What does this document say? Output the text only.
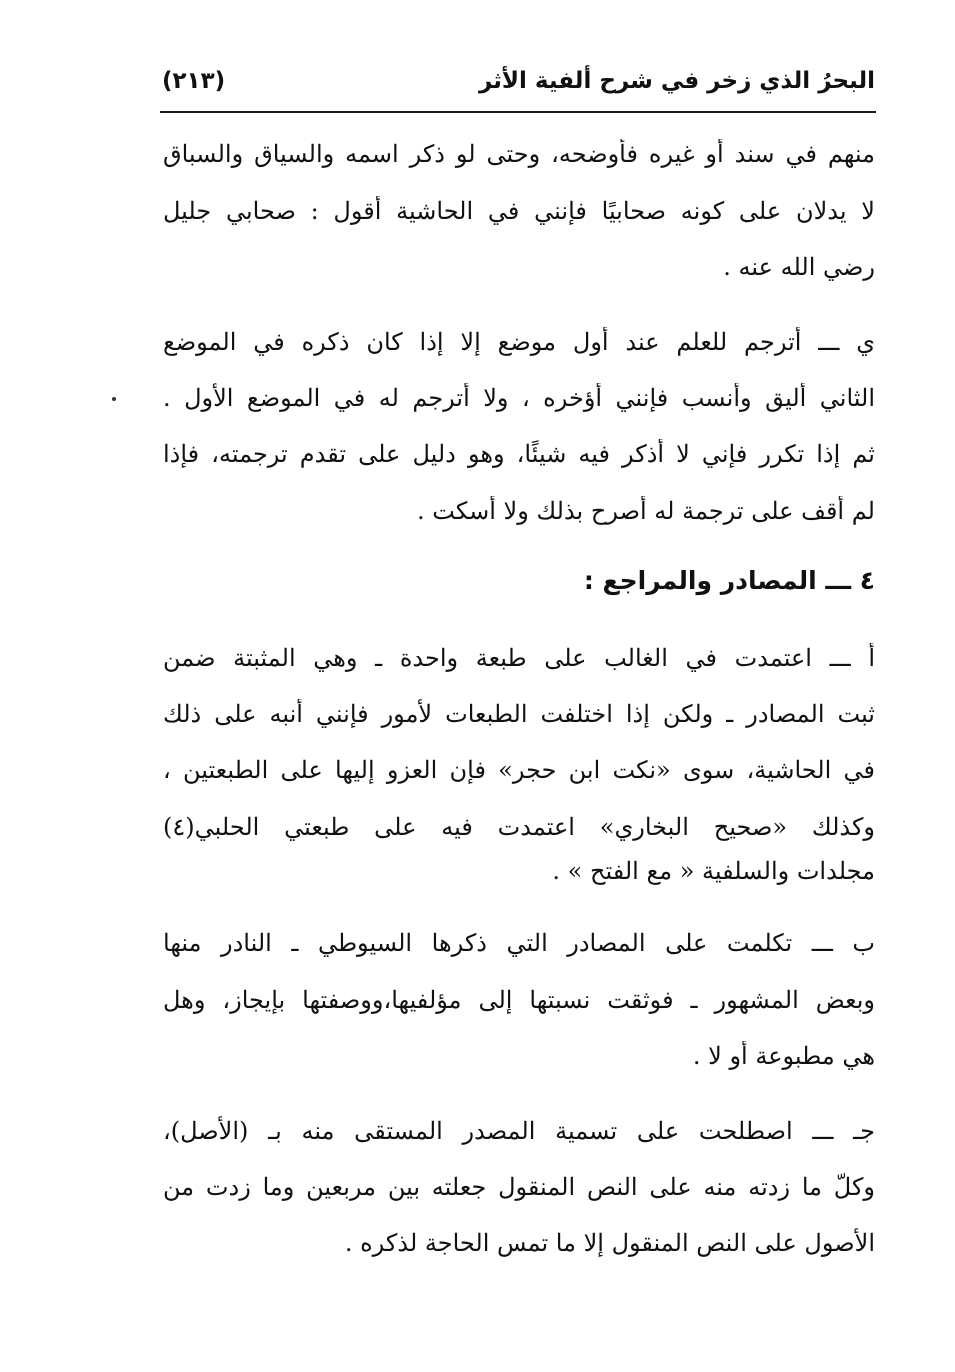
البحرُ الذي زخر في شرح ألفية الأثر
(٢١٣)
منهم في سند أو غيره فأوضحه، وحتى لو ذكر اسمه والسياق والسباق
لا يدلان على كونه صحابيًا فإنني في الحاشية أقول : صحابي جليل
رضي الله عنه .
ي ـــ أترجم للعلم عند أول موضع إلا إذا كان ذكره في الموضع
الثاني أليق وأنسب فإنني أؤخره ، ولا أترجم له في الموضع الأول .
ثم إذا تكرر فإني لا أذكر فيه شيئًا، وهو دليل على تقدم ترجمته، فإذا
لم أقف على ترجمة له أصرح بذلك ولا أسكت .
٤ ـــ المصادر والمراجع :
أ ـــ اعتمدت في الغالب على طبعة واحدة ـ وهي المثبتة ضمن
ثبت المصادر ـ ولكن إذا اختلفت الطبعات لأمور فإنني أنبه على ذلك
في الحاشية، سوى «نكت ابن حجر» فإن العزو إليها على الطبعتين ،
وكذلك «صحيح البخاري» اعتمدت فيه على طبعتي الحلبي(٤)
مجلدات والسلفية « مع الفتح » .
ب ـــ تكلمت على المصادر التي ذكرها السيوطي ـ النادر منها
وبعض المشهور ـ فوثقت نسبتها إلى مؤلفيها،ووصفتها بإيجاز، وهل
هي مطبوعة أو لا .
جـ ـــ اصطلحت على تسمية المصدر المستقى منه بـ (الأصل)،
وكلّ ما زدته منه على النص المنقول جعلته بين مربعين وما زدت من
الأصول على النص المنقول إلا ما تمس الحاجة لذكره .
